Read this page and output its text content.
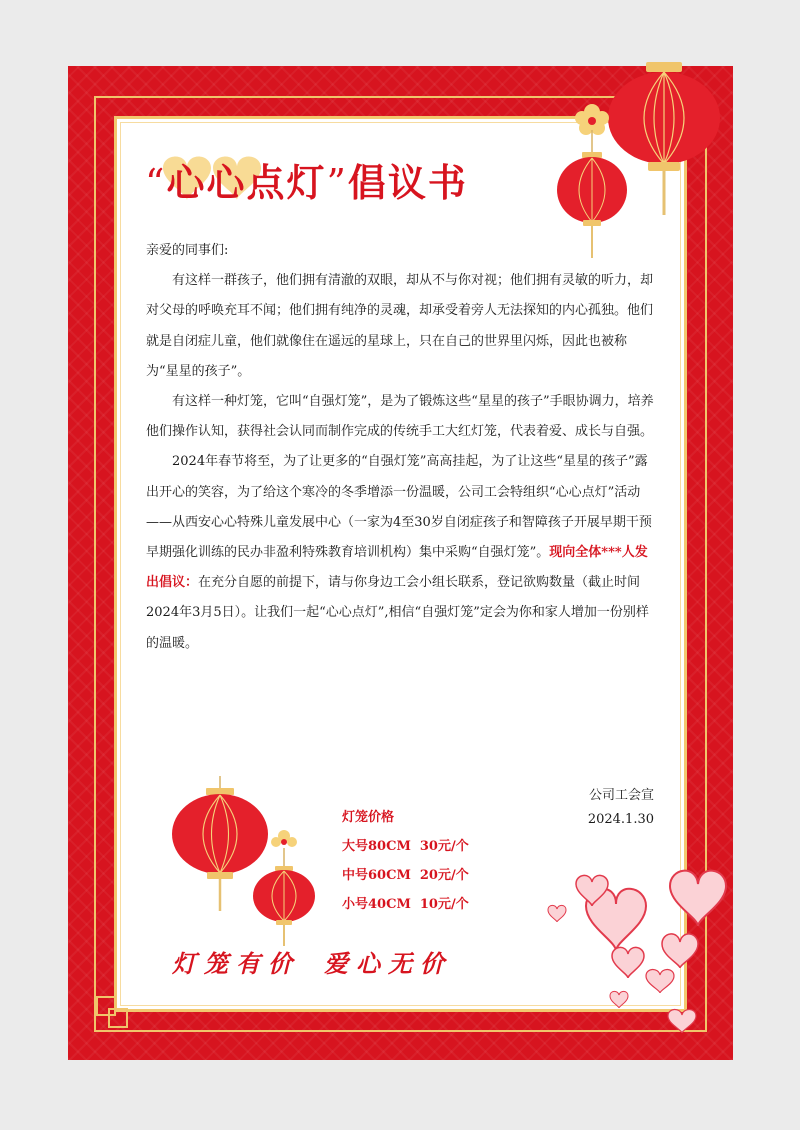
“心心点灯”倡议书

亲爱的同事们:

有这样一群孩子，他们拥有清澈的双眼，却从不与你对视；他们拥有灵敏的听力，却对父母的呼唤充耳不闻；他们拥有纯净的灵魂，却承受着旁人无法探知的内心孤独。他们就是自闭症儿童，他们就像住在遥远的星球上，只在自己的世界里闪烁，因此也被称为“星星的孩子”。

有这样一种灯笼，它叫“自强灯笼”，是为了锻炼这些“星星的孩子”手眼协调力，培养他们操作认知，获得社会认同而制作完成的传统手工大红灯笼，代表着爱、成长与自强。

2024年春节将至，为了让更多的“自强灯笼”高高挂起，为了让这些“星星的孩子”露出开心的笑容，为了给这个寒冷的冬季增添一份温暖，公司工会特组织“心心点灯”活动——从西安心心特殊儿童发展中心（一家为4至30岁自闭症孩子和智障孩子开展早期干预早期强化训练的民办非盈利特殊教育培训机构）集中采购“自强灯笼”。现向全体***人发出倡议：在充分自愿的前提下，请与你身边工会小组长联系，登记欲购数量（截止时间2024年3月5日）。让我们一起“心心点灯”,相信“自强灯笼”定会为你和家人增加一份别样的温暖。

公司工会宣
2024.1.30
灯笼价格
大号80CM  30元/个
中号60CM  20元/个
小号40CM  10元/个
灯笼有价 爱心无价
